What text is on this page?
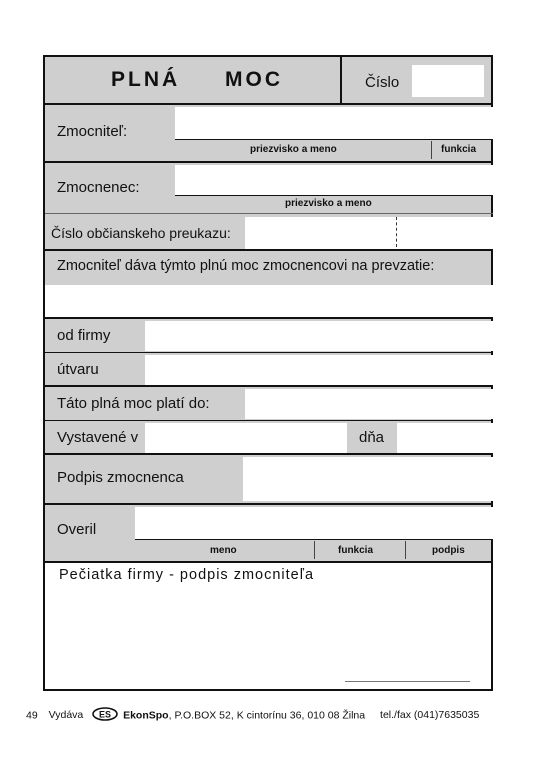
PLNÁ MOC	Číslo
Zmocniteľ:
priezvisko a meno	funkcia
Zmocnenec:
priezvisko a meno
Číslo občianskeho preukazu:
Zmocniteľ dáva týmto plnú moc zmocnencovi na prevzatie:
od firmy
útvaru
Táto plná moc platí do:
Vystavené v	dňa
Podpis zmocnenca
Overil
meno	funkcia	podpis
Pečiatka firmy - podpis zmocniteľa
49 Vydáva ES EkonSpo, P.O.BOX 52, K cintorínu 36, 010 08 Žilna tel./fax (041)7635035
